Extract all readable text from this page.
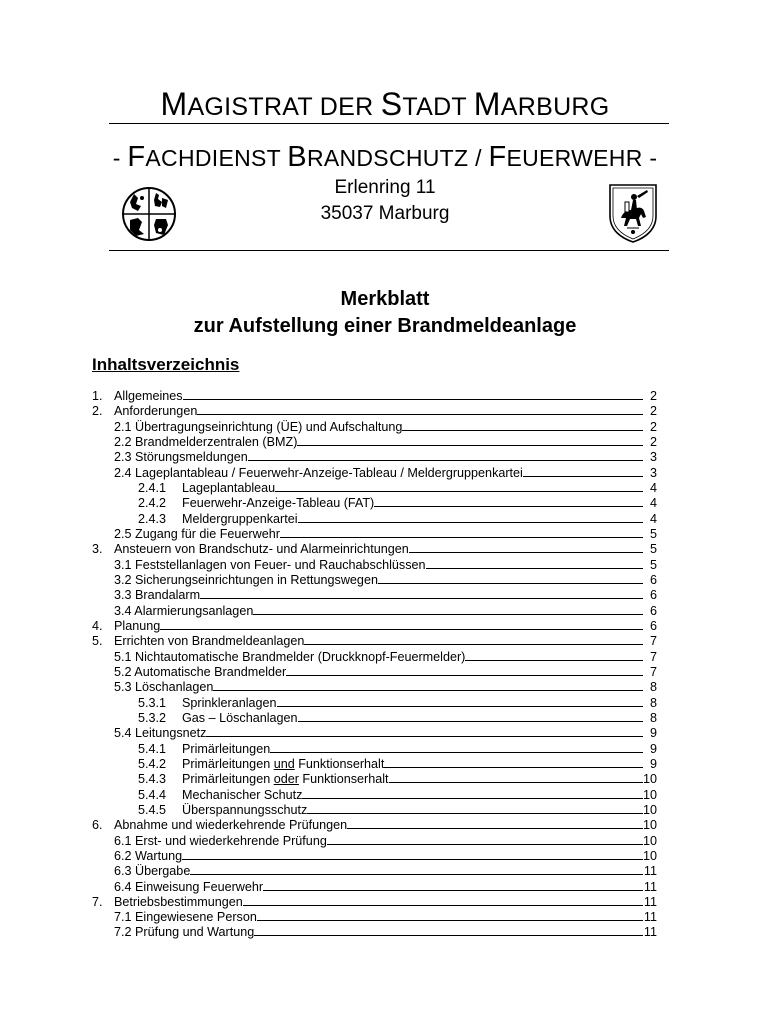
MAGISTRAT DER STADT MARBURG
- FACHDIENST BRANDSCHUTZ / FEUERWEHR -
Erlenring 11
35037 Marburg
Merkblatt
zur Aufstellung einer Brandmeldeanlage
Inhaltsverzeichnis
1. Allgemeines	2
2. Anforderungen	2
2.1 Übertragungseinrichtung (ÜE) und Aufschaltung	2
2.2 Brandmelderzentralen (BMZ)	2
2.3 Störungsmeldungen	3
2.4 Lageplantableau / Feuerwehr-Anzeige-Tableau / Meldergruppenkartei	3
2.4.1 Lageplantableau	4
2.4.2 Feuerwehr-Anzeige-Tableau (FAT)	4
2.4.3 Meldergruppenkartei	4
2.5 Zugang für die Feuerwehr	5
3. Ansteuern von Brandschutz- und Alarmeinrichtungen	5
3.1 Feststellanlagen von Feuer- und Rauchabschlüssen	5
3.2 Sicherungseinrichtungen in Rettungswegen	6
3.3 Brandalarm	6
3.4 Alarmierungsanlagen	6
4. Planung	6
5. Errichten von Brandmeldeanlagen	7
5.1 Nichtautomatische Brandmelder (Druckknopf-Feuermelder)	7
5.2 Automatische Brandmelder	7
5.3 Löschanlagen	8
5.3.1 Sprinkleranlagen	8
5.3.2 Gas – Löschanlagen	8
5.4 Leitungsnetz	9
5.4.1 Primärleitungen	9
5.4.2 Primärleitungen und Funktionserhalt	9
5.4.3 Primärleitungen oder Funktionserhalt	10
5.4.4 Mechanischer Schutz	10
5.4.5 Überspannungsschutz	10
6. Abnahme und wiederkehrende Prüfungen	10
6.1 Erst- und wiederkehrende Prüfung	10
6.2 Wartung	10
6.3 Übergabe	11
6.4 Einweisung Feuerwehr	11
7. Betriebsbestimmungen	11
7.1 Eingewiesene Person	11
7.2 Prüfung und Wartung	11
